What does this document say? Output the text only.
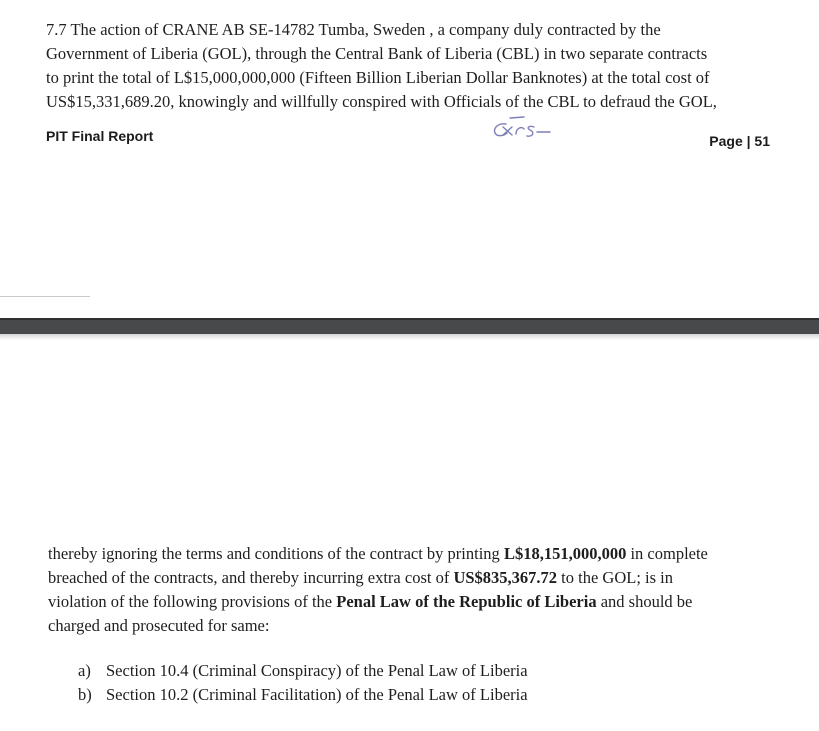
7.7 The action of CRANE AB SE-14782 Tumba, Sweden , a company duly contracted by the
Government of Liberia (GOL), through the Central Bank of Liberia (CBL) in two separate contracts
to print the total of L$15,000,000,000 (Fifteen Billion Liberian Dollar Banknotes) at the total cost of
US$15,331,689.20, knowingly and willfully conspired with Officials of the CBL to defraud the GOL,
PIT Final Report	Page | 51
thereby ignoring the terms and conditions of the contract by printing L$18,151,000,000 in complete
breached of the contracts, and thereby incurring extra cost of US$835,367.72 to the GOL; is in
violation of the following provisions of the Penal Law of the Republic of Liberia and should be
charged and prosecuted for same:
a) Section 10.4 (Criminal Conspiracy) of the Penal Law of Liberia
b) Section 10.2 (Criminal Facilitation) of the Penal Law of Liberia
